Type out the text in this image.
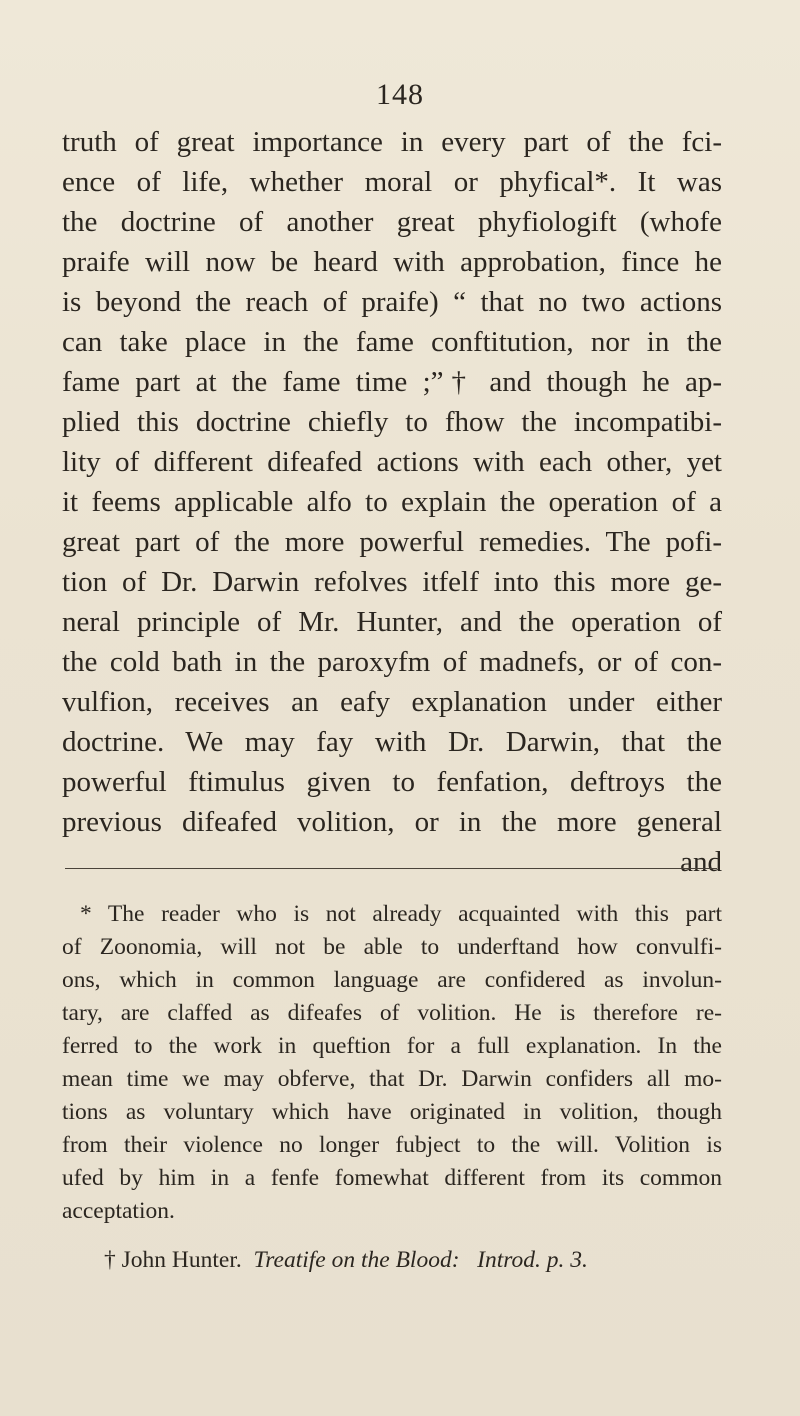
148
truth of great importance in every part of the fci-
ence of life, whether moral or phyfical*. It was
the doctrine of another great phyfiologift (whofe
praife will now be heard with approbation, fince he
is beyond the reach of praife) “ that no two actions
can take place in the fame conftitution, nor in the
fame part at the fame time ;”† and though he ap-
plied this doctrine chiefly to fhow the incompatibi-
lity of different difeafed actions with each other, yet
it feems applicable alfo to explain the operation of a
great part of the more powerful remedies. The pofi-
tion of Dr. Darwin refolves itfelf into this more ge-
neral principle of Mr. Hunter, and the operation of
the cold bath in the paroxyfm of madnefs, or of con-
vulfion, receives an eafy explanation under either
doctrine. We may fay with Dr. Darwin, that the
powerful ftimulus given to fenfation, deftroys the
previous difeafed volition, or in the more general
and
* The reader who is not already acquainted with this part
of Zoonomia, will not be able to underftand how convulfi-
ons, which in common language are confidered as involun-
tary, are claffed as difeafes of volition. He is therefore re-
ferred to the work in queftion for a full explanation. In the
mean time we may obferve, that Dr. Darwin confiders all mo-
tions as voluntary which have originated in volition, though
from their violence no longer fubject to the will. Volition is
ufed by him in a fenfe fomewhat different from its common
acceptation.
† John Hunter. Treatife on the Blood: Introd. p. 3.
